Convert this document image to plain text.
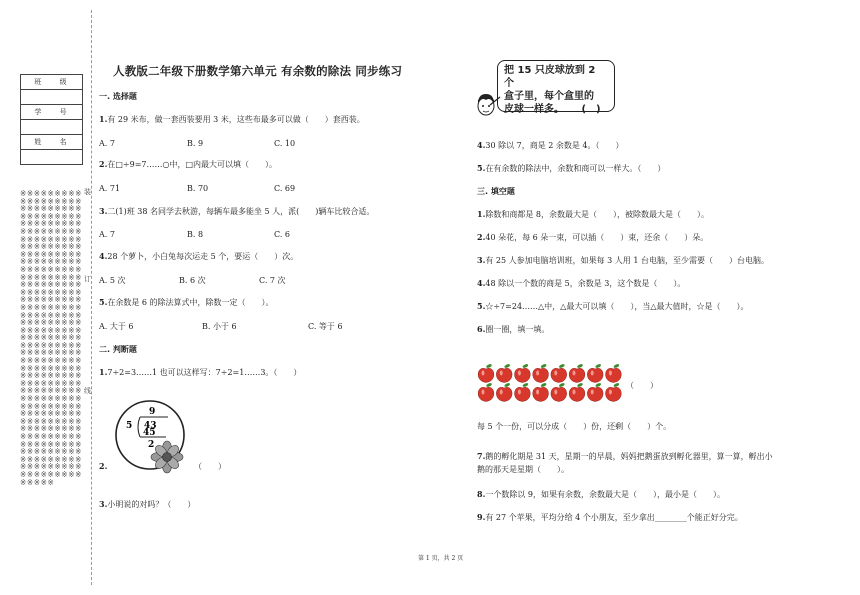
班 级

学 号

姓 名

※※※※※※※※※※※※※※※※※※※※※※※※※※※※※※※※※※※※※※※※※※※※※※※※※※※※※※※※※※※※※※※※※※※※※※※※※※※※※※※※※※※※※※※※※※※※※※※※※※※※※※※※※※※※※※※※※※※※※※※※※※※※※※※※※※※※※※※※※※※※※※※※※※※※※※※※※※※※※※※※※※※※※※※※※※※※※※※※※※※※※※※※※※※※※※※※※※※※※※※※※※※※※※※※※※※※※※※※※※※※※※※※※※※※※※※※※※※※※※※※※※※※※※※※※※※※※※※※※※※※※※※※※※※※※※※※※※※※※※※※※※※※※※※※※※※※※※※※※※※※※※※※※※※※※※※※※※※※※※※※※※※※※※※※※※※※※※※※※※※※※※※※※※※
装
订
线
人教版二年级下册数学第六单元 有余数的除法 同步练习
一. 选择题
1.有 29 米布，做一套西装要用 3 米，这些布最多可以做（　　）套西装。
A. 7	B. 9	C. 10
2.在□÷9=7……○中，□内最大可以填（　　）。
A. 71	B. 70	C. 69
3.二(1)班 38 名同学去秋游，每辆车最多能坐 5 人，派(　　)辆车比较合适。
A. 7	B. 8	C. 6
4.28 个萝卜，小白兔每次运走 5 个，要运（　　）次。
A. 5 次	B. 6 次	C. 7 次
5.在余数是 6 的除法算式中，除数一定（　　）。
A. 大于 6	B. 小于 6	C. 等于 6
二. 判断题
1.7÷2=3……1 也可以这样写：7÷2=1……3。（　　）
9
5 43
45
2
2.	（　　）
3.小明说的对吗？（　　）
把 15 只皮球放到 2 个
盒子里，每个盒里的
皮球一样多。 (　)
4.30 除以 7，商是 2 余数是 4。（　　）
5.在有余数的除法中，余数和商可以一样大。（　　）
三. 填空题
1.除数和商都是 8，余数最大是（　　），被除数最大是（　　）。
2.40 朵花，每 6 朵一束，可以插（　　）束，还余（　　）朵。
3.有 25 人参加电脑培训班，如果每 3 人用 1 台电脑，至少需要（　　）台电脑。
4.48 除以一个数的商是 5，余数是 3，这个数是（　　）。
5.☆÷7=24……△中，△最大可以填（　　），当△最大值时，☆是（　　）。
6.圈一圈，填一填。
（　　）
每 5 个一份，可以分成（　　）份，还剩（　　）个。
7.鹅的孵化期是 31 天，星期一的早晨，妈妈把鹅蛋放到孵化器里，算一算，孵出小
鹅的那天是星期（　　）。
8.一个数除以 9，如果有余数，余数最大是（　　），最小是（　　）。
9.有 27 个苹果，平均分给 4 个小朋友，至少拿出________个能正好分完。
第 1 页，共 2 页
